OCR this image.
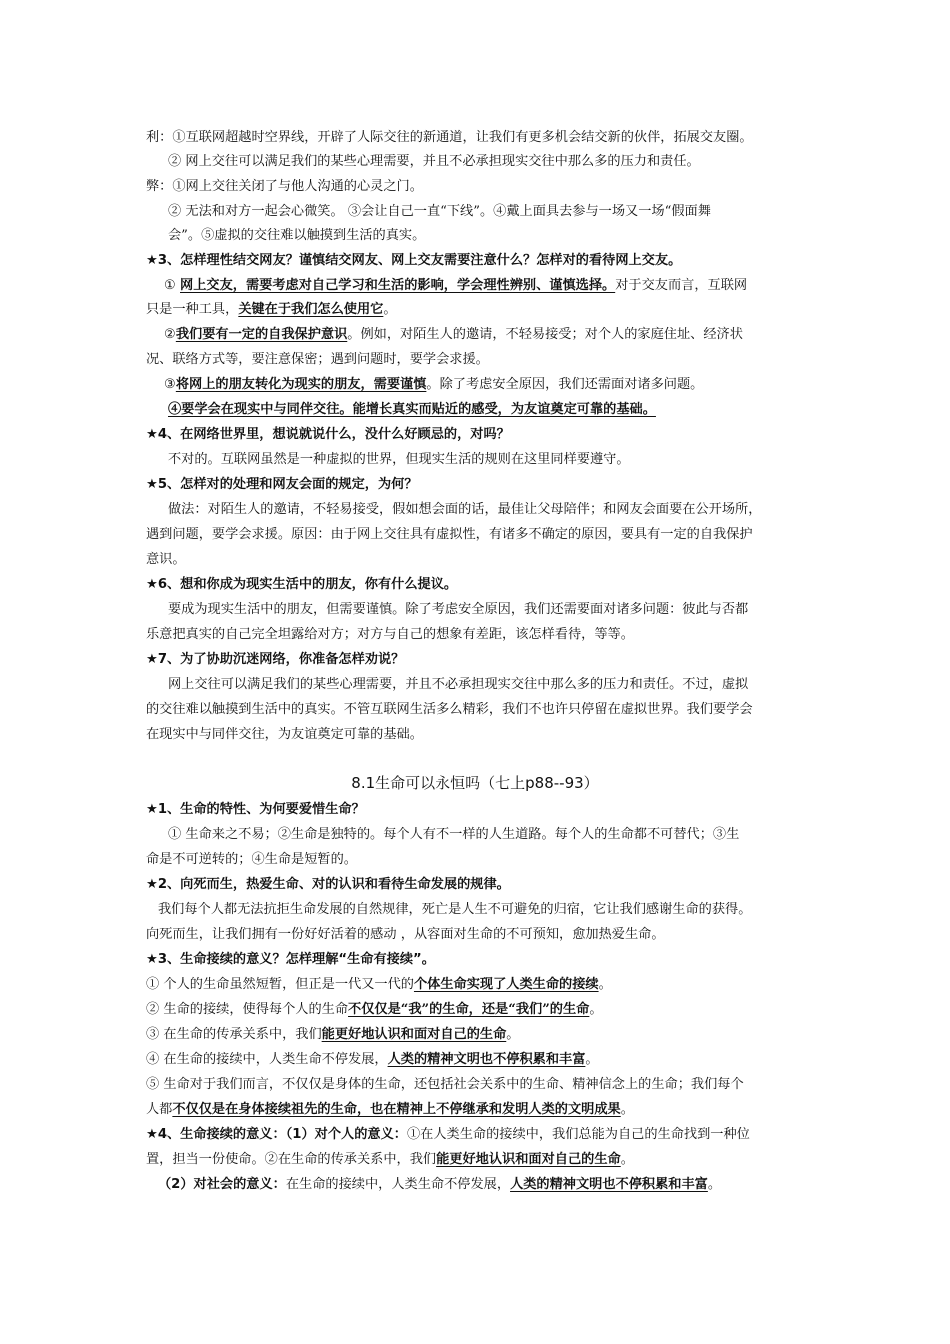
利：①互联网超越时空界线，开辟了人际交往的新通道，让我们有更多机会结交新的伙伴，拓展交友圈。
② 网上交往可以满足我们的某些心理需要，并且不必承担现实交往中那么多的压力和责任。
弊：①网上交往关闭了与他人沟通的心灵之门。
② 无法和对方一起会心微笑。 ③会让自己一直“下线”。④戴上面具去参与一场又一场“假面舞
会”。⑤虚拟的交往难以触摸到生活的真实。
★3、怎样理性结交网友？谨慎结交网友、网上交友需要注意什么？怎样对的看待网上交友。
① 网上交友，需要考虑对自己学习和生活的影响，学会理性辨别、谨慎选择。对于交友而言，互联网
只是一种工具，关键在于我们怎么使用它。
②我们要有一定的自我保护意识。例如，对陌生人的邀请，不轻易接受；对个人的家庭住址、经济状
况、联络方式等，要注意保密；遇到问题时，要学会求援。
③将网上的朋友转化为现实的朋友，需要谨慎。除了考虑安全原因，我们还需面对诸多问题。
④要学会在现实中与同伴交往。能增长真实而贴近的感受，为友谊奠定可靠的基础。
★4、在网络世界里，想说就说什么，没什么好顾忌的，对吗？
不对的。互联网虽然是一种虚拟的世界，但现实生活的规则在这里同样要遵守。
★5、怎样对的处理和网友会面的规定，为何？
做法：对陌生人的邀请，不轻易接受，假如想会面的话，最佳让父母陪伴；和网友会面要在公开场所，
遇到问题，要学会求援。原因：由于网上交往具有虚拟性，有诸多不确定的原因，要具有一定的自我保护
意识。
★6、想和你成为现实生活中的朋友，你有什么提议。
要成为现实生活中的朋友，但需要谨慎。除了考虑安全原因，我们还需要面对诸多问题：彼此与否都
乐意把真实的自己完全坦露给对方；对方与自己的想象有差距，该怎样看待，等等。
★7、为了协助沉迷网络，你准备怎样劝说？
网上交往可以满足我们的某些心理需要，并且不必承担现实交往中那么多的压力和责任。不过，虚拟
的交往难以触摸到生活中的真实。不管互联网生活多么精彩，我们不也许只停留在虚拟世界。我们要学会
在现实中与同伴交往，为友谊奠定可靠的基础。
★1、生命的特性、为何要爱惜生命？
① 生命来之不易；②生命是独特的。每个人有不一样的人生道路。每个人的生命都不可替代；③生
命是不可逆转的；④生命是短暂的。
★2、向死而生，热爱生命、对的认识和看待生命发展的规律。
我们每个人都无法抗拒生命发展的自然规律，死亡是人生不可避免的归宿，它让我们感谢生命的获得。
向死而生，让我们拥有一份好好活着的感动 ，从容面对生命的不可预知，愈加热爱生命。
★3、生命接续的意义？怎样理解“生命有接续”。
① 个人的生命虽然短暂，但正是一代又一代的个体生命实现了人类生命的接续。
② 生命的接续，使得每个人的生命不仅仅是“我”的生命，还是“我们”的生命。
③ 在生命的传承关系中，我们能更好地认识和面对自己的生命。
④ 在生命的接续中，人类生命不停发展，人类的精神文明也不停积累和丰富。
⑤ 生命对于我们而言，不仅仅是身体的生命，还包括社会关系中的生命、精神信念上的生命；我们每个
人都不仅仅是在身体接续祖先的生命，也在精神上不停继承和发明人类的文明成果。
★4、生命接续的意义：（1）对个人的意义：①在人类生命的接续中，我们总能为自己的生命找到一种位
置，担当一份使命。②在生命的传承关系中，我们能更好地认识和面对自己的生命。
（2）对社会的意义：在生命的接续中，人类生命不停发展，人类的精神文明也不停积累和丰富。
8.1生命可以永恒吗（七上p88--93）
